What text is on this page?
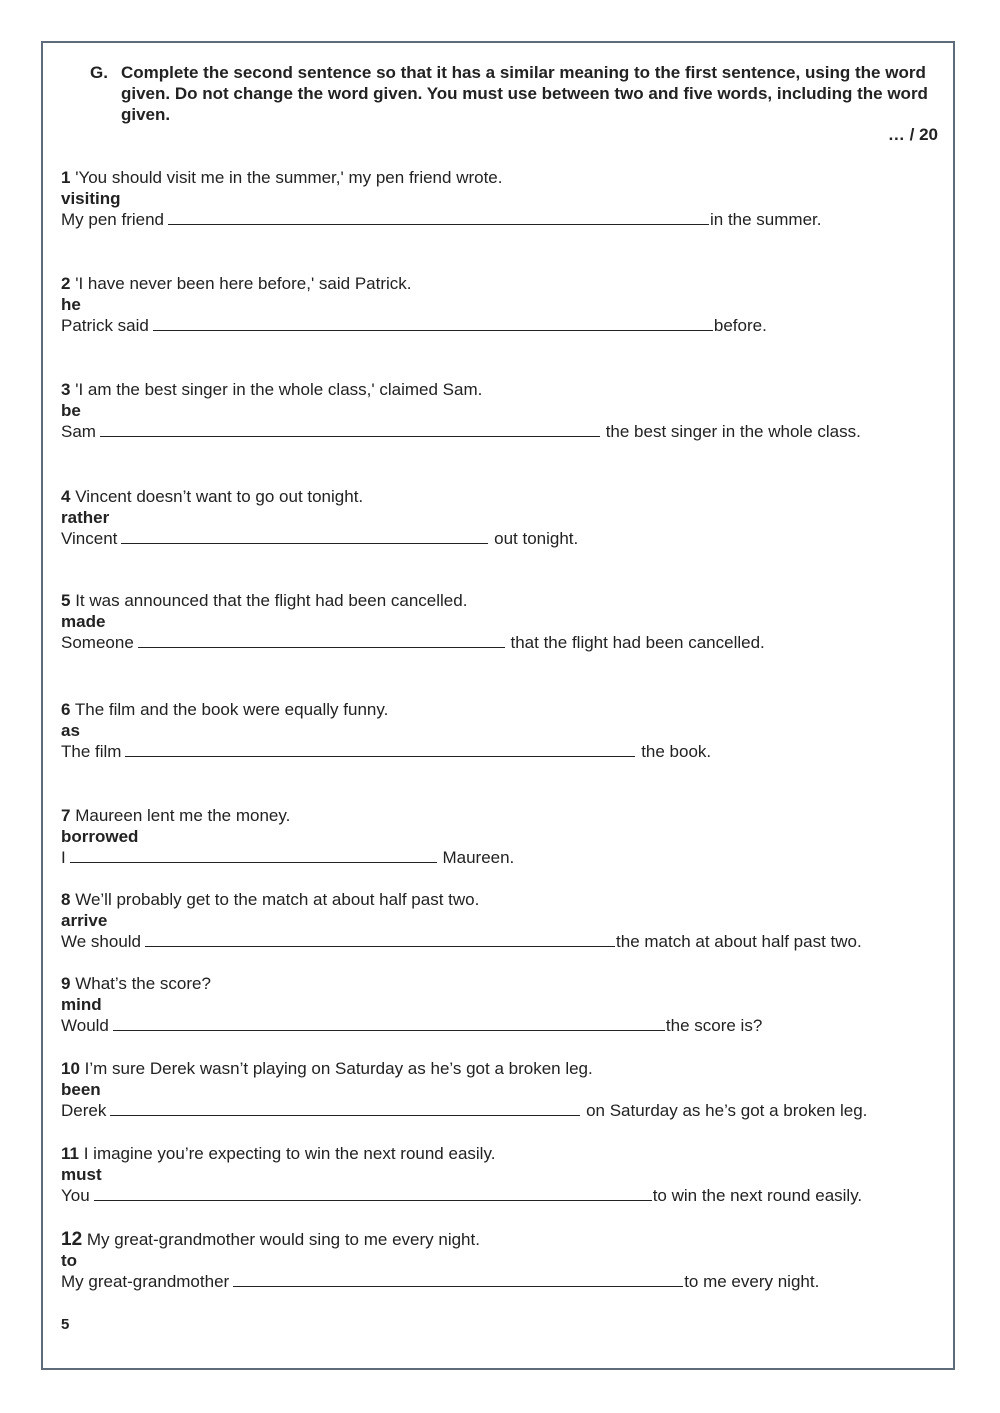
G. Complete the second sentence so that it has a similar meaning to the first sentence, using the word given. Do not change the word given. You must use between two and five words, including the word given.
… / 20
1 'You should visit me in the summer,' my pen friend wrote.
visiting
My pen friend	in the summer.
2 'I have never been here before,' said Patrick.
he
Patrick said	before.
3 'I am the best singer in the whole class,' claimed Sam.
be
Sam	the best singer in the whole class.
4 Vincent doesn’t want to go out tonight.
rather
Vincent	out tonight.
5 It was announced that the flight had been cancelled.
made
Someone	that the flight had been cancelled.
6 The film and the book were equally funny.
as
The film	the book.
7 Maureen lent me the money.
borrowed
I	Maureen.
8 We’ll probably get to the match at about half past two.
arrive
We should	the match at about half past two.
9 What’s the score?
mind
Would	the score is?
10 I’m sure Derek wasn’t playing on Saturday as he’s got a broken leg.
been
Derek	on Saturday as he’s got a broken leg.
11 I imagine you’re expecting to win the next round easily.
must
You	to win the next round easily.
12 My great-grandmother would sing to me every night.
to
My great-grandmother	to me every night.
5
